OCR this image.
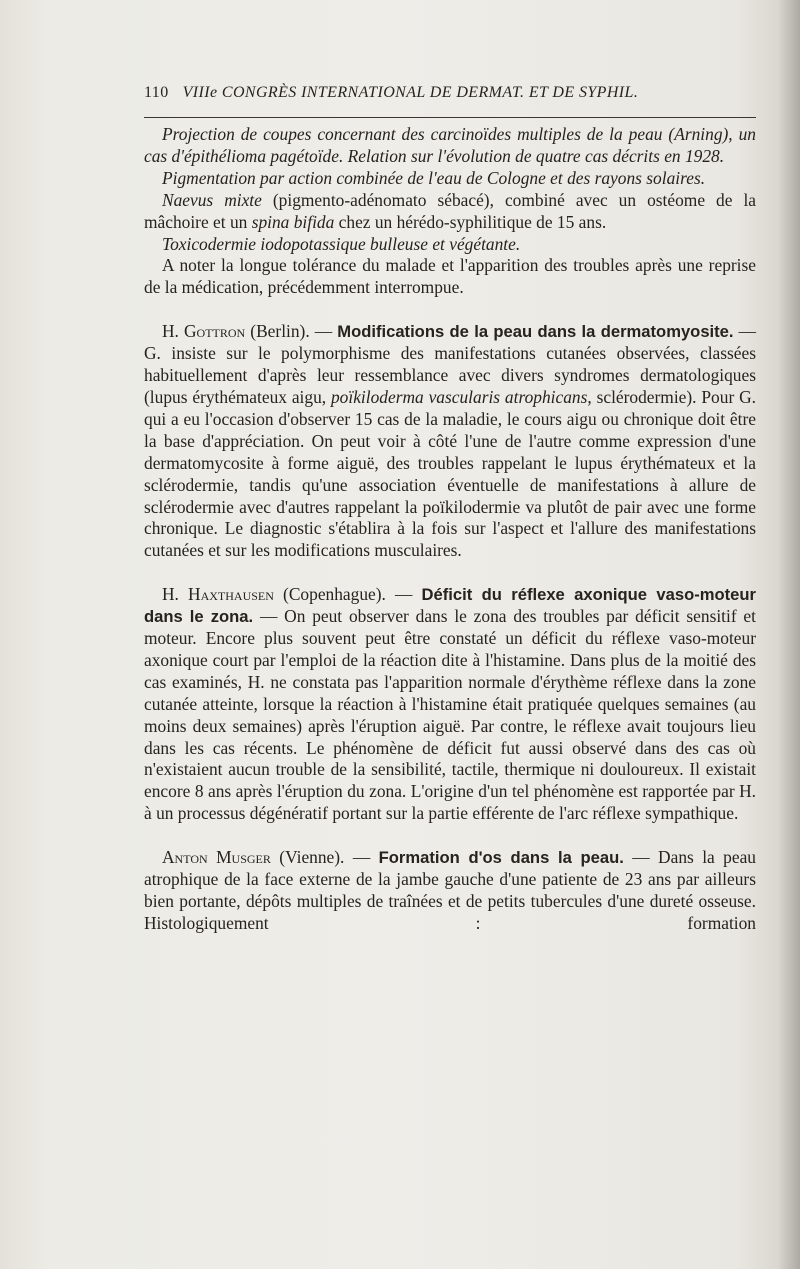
110 VIIIe CONGRÈS INTERNATIONAL DE DERMAT. ET DE SYPHIL.

Projection de coupes concernant des carcinoïdes multiples de la peau (Arning), un cas d'épithélioma pagétoïde. Relation sur l'évolution de quatre cas décrits en 1928.

Pigmentation par action combinée de l'eau de Cologne et des rayons solaires.

Naevus mixte (pigmento-adénomato sébacé), combiné avec un ostéome de la mâchoire et un spina bifida chez un hérédo-syphilitique de 15 ans.

Toxicodermie iodopotassique bulleuse et végétante.

A noter la longue tolérance du malade et l'apparition des troubles après une reprise de la médication, précédemment interrompue.

H. Gottron (Berlin). — Modifications de la peau dans la dermatomyosite. — G. insiste sur le polymorphisme des manifestations cutanées observées, classées habituellement d'après leur ressemblance avec divers syndromes dermatologiques (lupus érythémateux aigu, poïkiloderma vascularis atrophicans, sclérodermie). Pour G. qui a eu l'occasion d'observer 15 cas de la maladie, le cours aigu ou chronique doit être la base d'appréciation. On peut voir à côté l'une de l'autre comme expression d'une dermatomycosite à forme aiguë, des troubles rappelant le lupus érythémateux et la sclérodermie, tandis qu'une association éventuelle de manifestations à allure de sclérodermie avec d'autres rappelant la poïkilodermie va plutôt de pair avec une forme chronique. Le diagnostic s'établira à la fois sur l'aspect et l'allure des manifestations cutanées et sur les modifications musculaires.

H. Haxthausen (Copenhague). — Déficit du réflexe axonique vaso-moteur dans le zona. — On peut observer dans le zona des troubles par déficit sensitif et moteur. Encore plus souvent peut être constaté un déficit du réflexe vaso-moteur axonique court par l'emploi de la réaction dite à l'histamine. Dans plus de la moitié des cas examinés, H. ne constata pas l'apparition normale d'érythème réflexe dans la zone cutanée atteinte, lorsque la réaction à l'histamine était pratiquée quelques semaines (au moins deux semaines) après l'éruption aiguë. Par contre, le réflexe avait toujours lieu dans les cas récents. Le phénomène de déficit fut aussi observé dans des cas où n'existaient aucun trouble de la sensibilité, tactile, thermique ni douloureux. Il existait encore 8 ans après l'éruption du zona. L'origine d'un tel phénomène est rapportée par H. à un processus dégénératif portant sur la partie efférente de l'arc réflexe sympathique.

Anton Musger (Vienne). — Formation d'os dans la peau. — Dans la peau atrophique de la face externe de la jambe gauche d'une patiente de 23 ans par ailleurs bien portante, dépôts multiples de traînées et de petits tubercules d'une dureté osseuse. Histologiquement : formation
